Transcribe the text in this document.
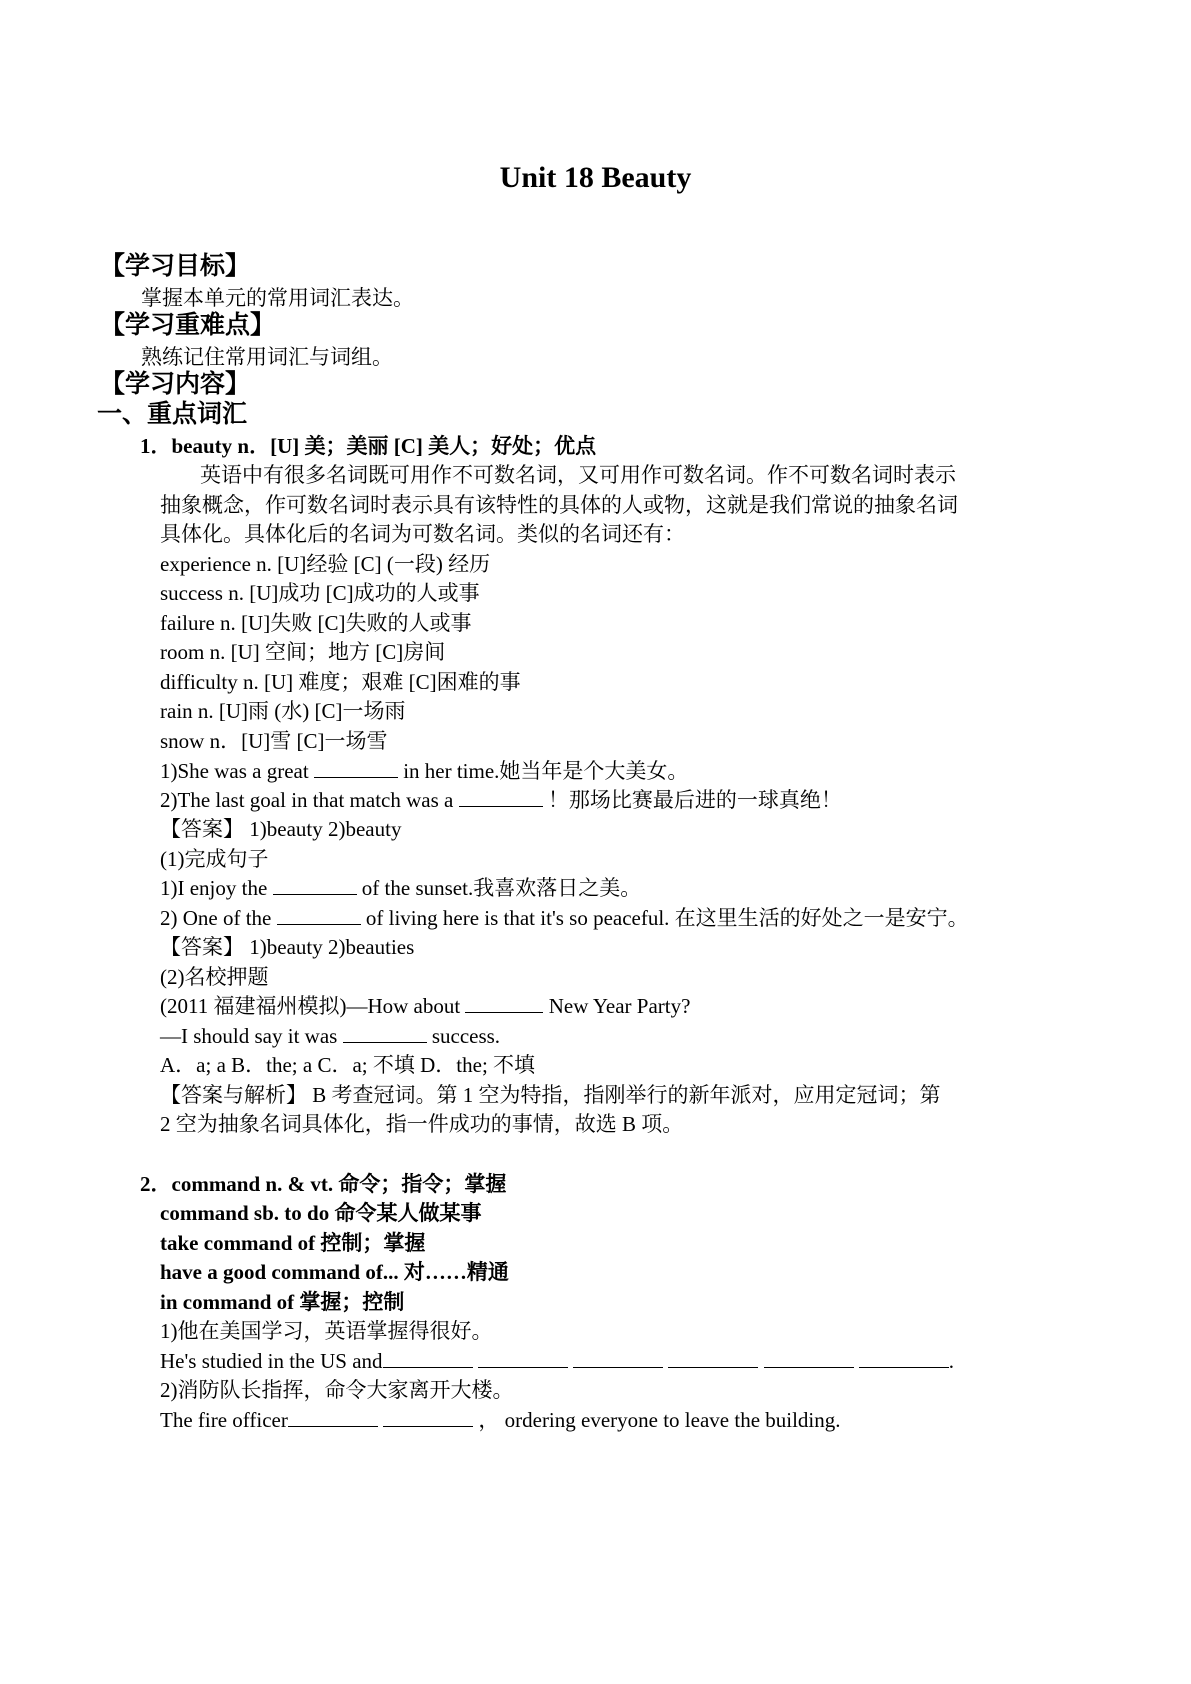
Unit 18 Beauty
【学习目标】
掌握本单元的常用词汇表达。
【学习重难点】
熟练记住常用词汇与词组。
【学习内容】
一、重点词汇
1．beauty n．[U] 美；美丽 [C] 美人；好处；优点
英语中有很多名词既可用作不可数名词，又可用作可数名词。作不可数名词时表示
抽象概念，作可数名词时表示具有该特性的具体的人或物，这就是我们常说的抽象名词
具体化。具体化后的名词为可数名词。类似的名词还有：
experience n. [U]经验 [C] (一段) 经历
success n. [U]成功 [C]成功的人或事
failure n. [U]失败 [C]失败的人或事
room n. [U] 空间；地方 [C]房间
difficulty n. [U] 难度；艰难 [C]困难的事
rain n. [U]雨 (水) [C]一场雨
snow n．[U]雪 [C]一场雪
1)She was a great	in her time.她当年是个大美女。
2)The last goal in that match was a	！那场比赛最后进的一球真绝！
【答案】 1)beauty 2)beauty
(1)完成句子
1)I enjoy the	of the sunset.我喜欢落日之美。
2) One of the	of living here is that it's so peaceful. 在这里生活的好处之一是安宁。
【答案】 1)beauty 2)beauties
(2)名校押题
(2011 福建福州模拟)—How about	New Year Party?
—I should say it was	success.
A．a; a B．the; a C．a; 不填 D．the; 不填
【答案与解析】 B 考查冠词。第 1 空为特指，指刚举行的新年派对，应用定冠词；第
2 空为抽象名词具体化，指一件成功的事情，故选 B 项。
2．command n. & vt. 命令；指令；掌握
command sb. to do 命令某人做某事
take command of 控制；掌握
have a good command of... 对……精通
in command of 掌握；控制
1)他在美国学习，英语掌握得很好。
He's studied in the US and	.
2)消防队长指挥，命令大家离开大楼。
The fire officer	， ordering everyone to leave the building.
